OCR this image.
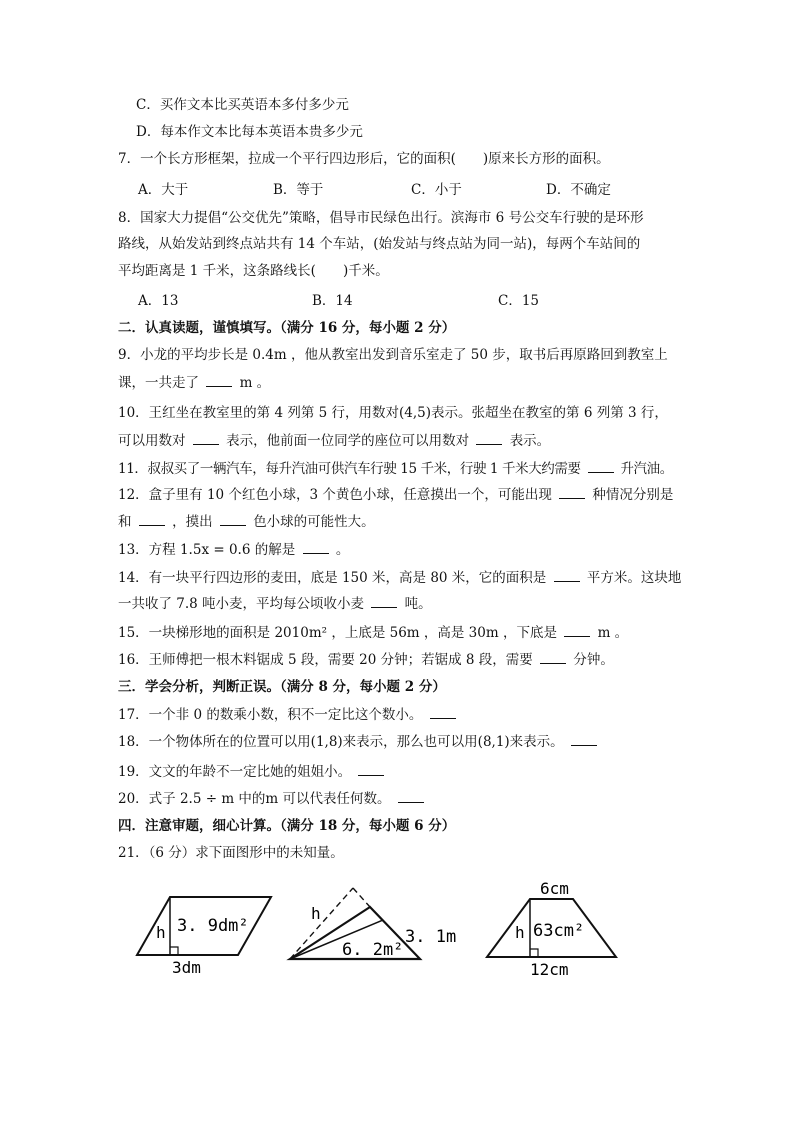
C．买作文本比买英语本多付多少元
D．每本作文本比每本英语本贵多少元
7．一个长方形框架，拉成一个平行四边形后，它的面积(　　)原来长方形的面积。
A．大于	B．等于	C．小于	D．不确定
8．国家大力提倡“公交优先”策略，倡导市民绿色出行。滨海市 6 号公交车行驶的是环形
路线，从始发站到终点站共有 14 个车站，(始发站与终点站为同一站)，每两个车站间的
平均距离是 1 千米，这条路线长(　　)千米。
A．13	B．14	C．15
二．认真读题，谨慎填写。（满分 16 分，每小题 2 分）
9．小龙的平均步长是 0.4m ，他从教室出发到音乐室走了 50 步，取书后再原路回到教室上
课，一共走了	m 。
10．王红坐在教室里的第 4 列第 5 行，用数对(4,5)表示。张超坐在教室的第 6 列第 3 行，
可以用数对	表示，他前面一位同学的座位可以用数对	表示。
11．叔叔买了一辆汽车，每升汽油可供汽车行驶 15 千米，行驶 1 千米大约需要	升汽油。
12．盒子里有 10 个红色小球，3 个黄色小球，任意摸出一个，可能出现	种情况分别是
和	，摸出	色小球的可能性大。
13．方程 1.5x = 0.6 的解是	。
14．有一块平行四边形的麦田，底是 150 米，高是 80 米，它的面积是	平方米。这块地
一共收了 7.8 吨小麦，平均每公顷收小麦	吨。
15．一块梯形地的面积是 2010m² ，上底是 56m ，高是 30m ，下底是	m 。
16．王师傅把一根木料锯成 5 段，需要 20 分钟；若锯成 8 段，需要	分钟。
三．学会分析，判断正误。（满分 8 分，每小题 2 分）
17．一个非 0 的数乘小数，积不一定比这个数小。
18．一个物体所在的位置可以用(1,8)来表示，那么也可以用(8,1)来表示。
19．文文的年龄不一定比她的姐姐小。
20．式子 2.5 ÷ m 中的m 可以代表任何数。
四．注意审题，细心计算。（满分 18 分，每小题 6 分）
21．（6 分）求下面图形中的未知量。
h 3. 9dm²
3dm
h
6. 2m²
3. 1m
6cm
h 63cm²
12cm
